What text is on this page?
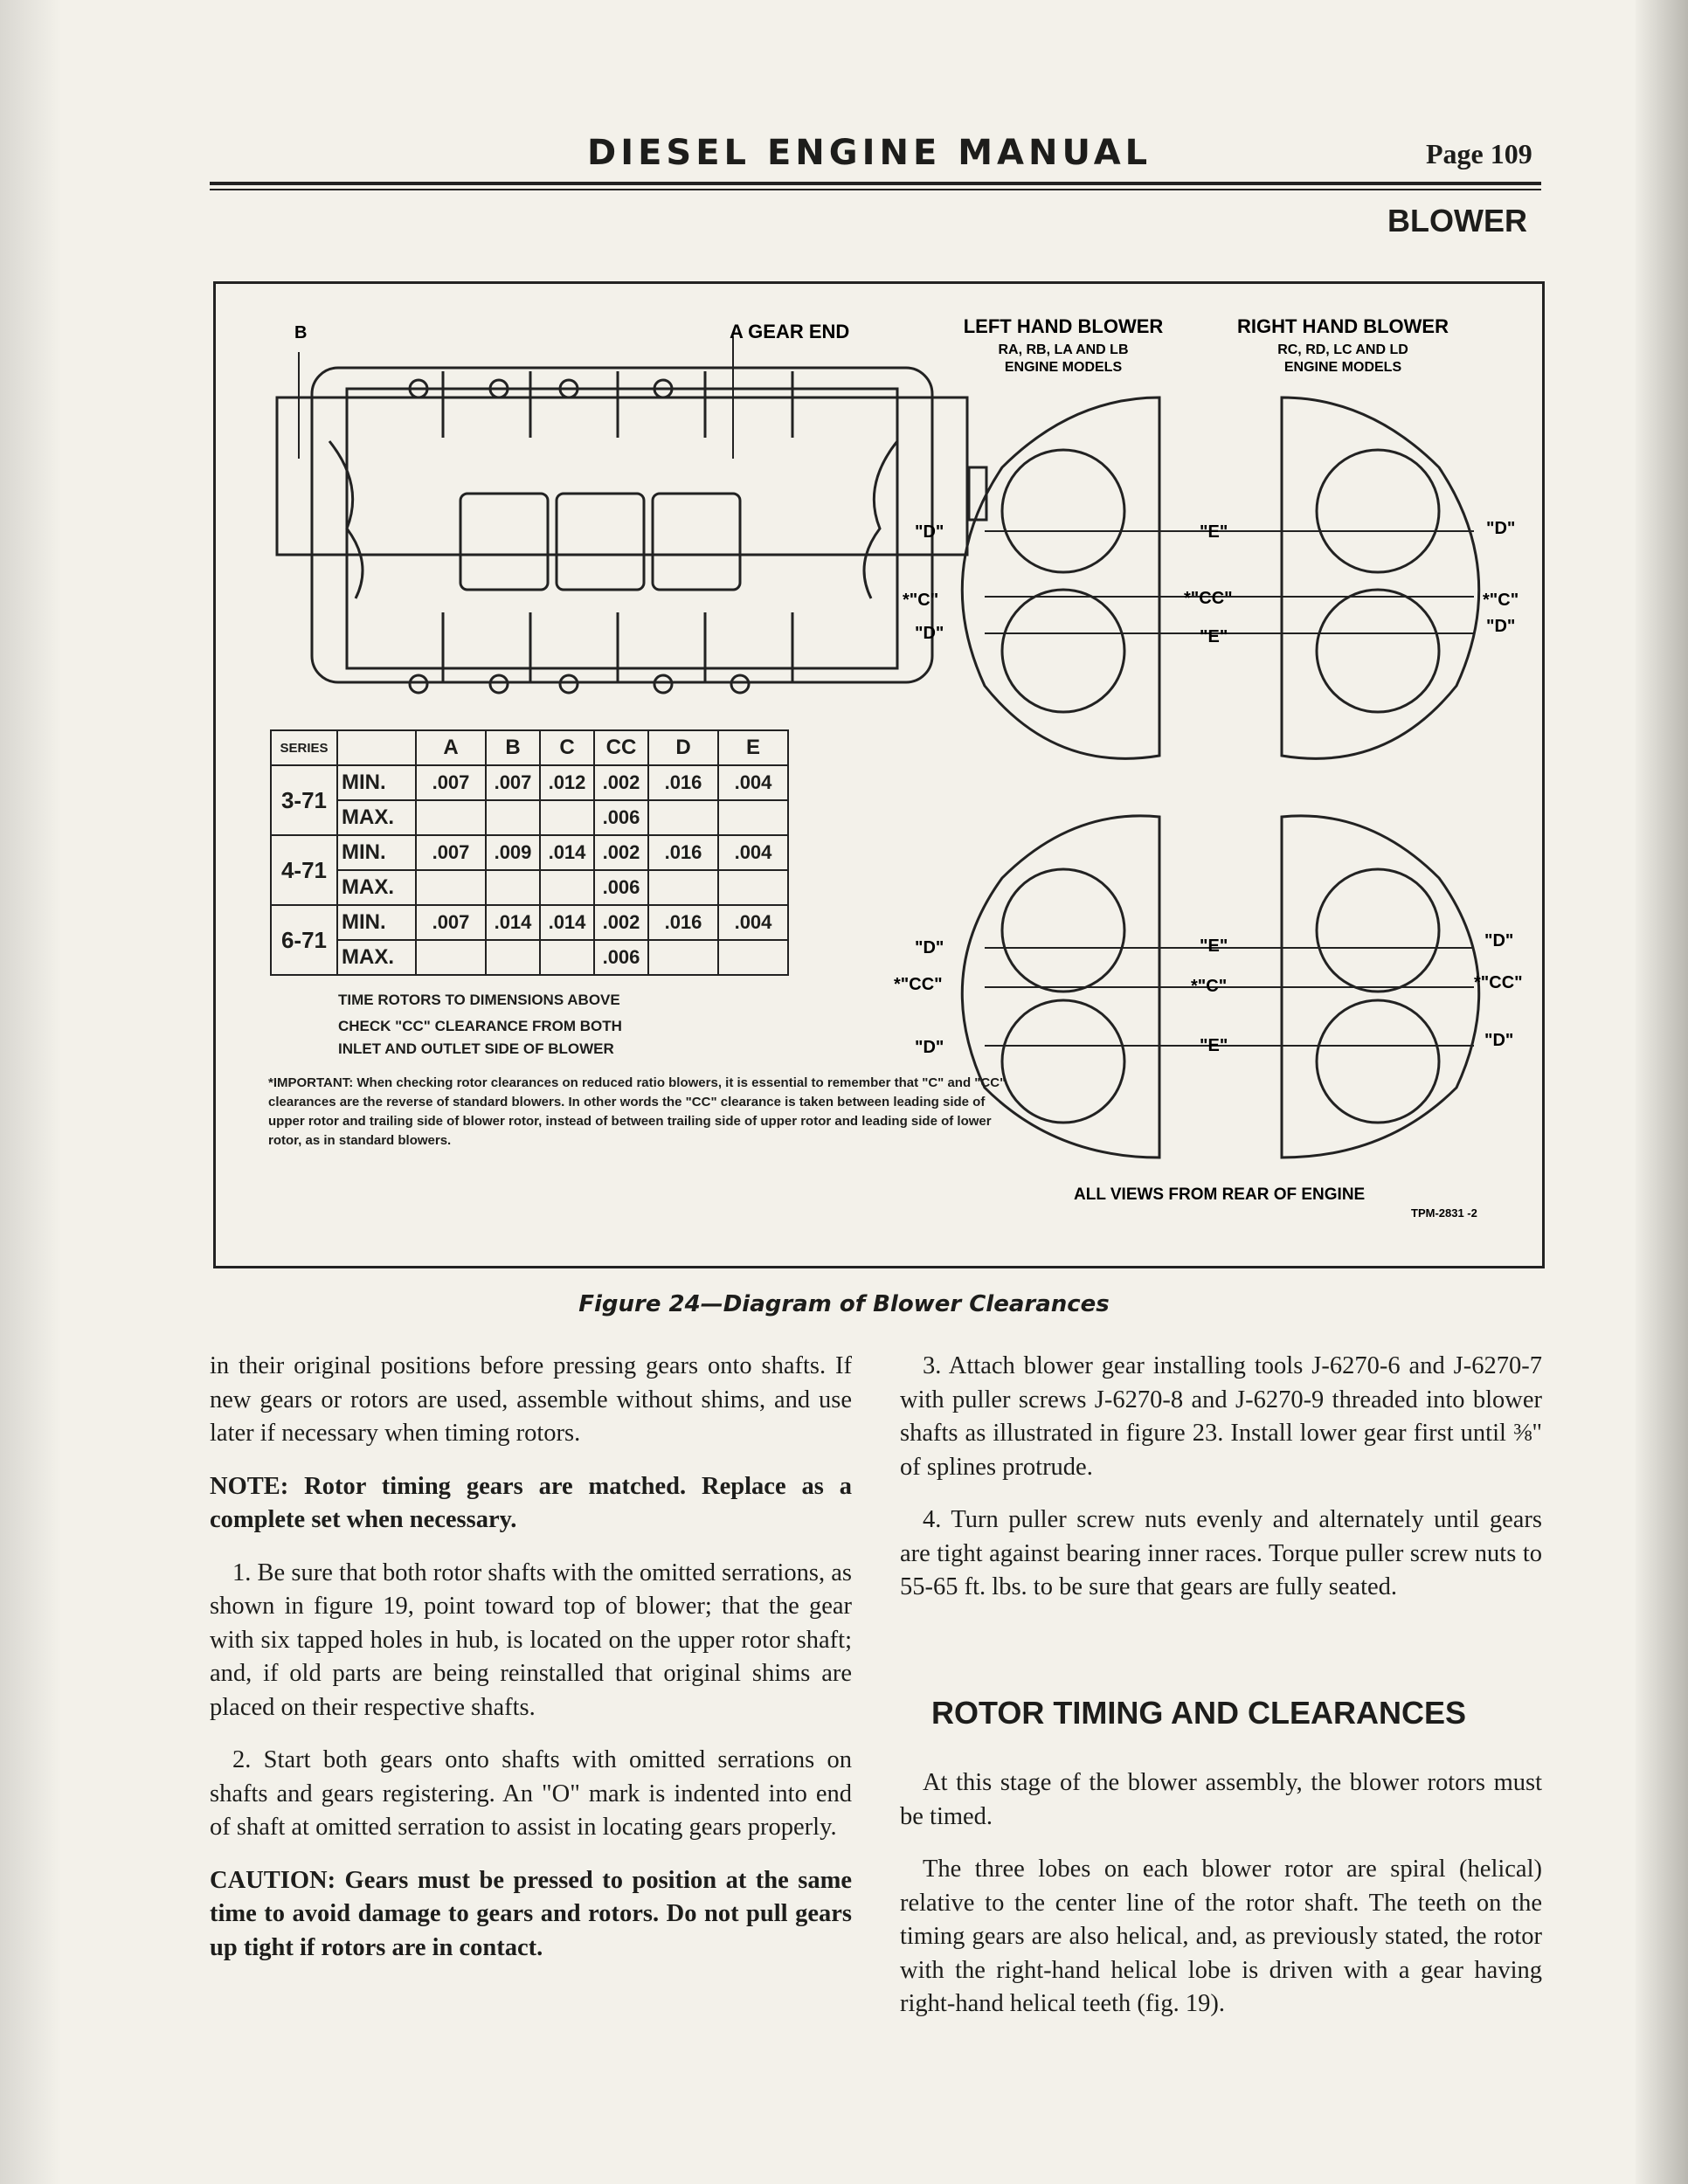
DIESEL ENGINE MANUAL	Page 109
BLOWER
B	A GEAR END	LEFT HAND BLOWER
RA, RB, LA AND LB
ENGINE MODELS
RIGHT HAND BLOWER
RC, RD, LC AND LD
ENGINE MODELS
"D"
*"C"
"D"
"E"
*"CC"
"E"
"D"
*"C"
"D"
"D"
*"CC"
"D"
"E"
*"C"
"E"
"D"
*"CC"
"D"
ALL VIEWS FROM REAR OF ENGINE
TPM-2831 -2
SERIES		A	B	C	CC	D	E
3-71	MIN.	.007	.007	.012	.002	.016	.004
	MAX.				.006		
4-71	MIN.	.007	.009	.014	.002	.016	.004
	MAX.				.006		
6-71	MIN.	.007	.014	.014	.002	.016	.004
	MAX.				.006		
TIME ROTORS TO DIMENSIONS ABOVE
CHECK "CC" CLEARANCE FROM BOTH
INLET AND OUTLET SIDE OF BLOWER
*IMPORTANT: When checking rotor clearances on reduced ratio blowers, it is essential to remember that "C" and "CC" clearances are the reverse of standard blowers. In other words the "CC" clearance is taken between leading side of upper rotor and trailing side of blower rotor, instead of between trailing side of upper rotor and leading side of lower rotor, as in standard blowers.
Figure 24—Diagram of Blower Clearances

in their original positions before pressing gears onto shafts. If new gears or rotors are used, assemble without shims, and use later if necessary when timing rotors.

NOTE: Rotor timing gears are matched. Replace as a complete set when necessary.

1. Be sure that both rotor shafts with the omitted serrations, as shown in figure 19, point toward top of blower; that the gear with six tapped holes in hub, is located on the upper rotor shaft; and, if old parts are being reinstalled that original shims are placed on their respective shafts.

2. Start both gears onto shafts with omitted serrations on shafts and gears registering. An "O" mark is indented into end of shaft at omitted serration to assist in locating gears properly.

CAUTION: Gears must be pressed to position at the same time to avoid damage to gears and rotors. Do not pull gears up tight if rotors are in contact.

3. Attach blower gear installing tools J-6270-6 and J-6270-7 with puller screws J-6270-8 and J-6270-9 threaded into blower shafts as illustrated in figure 23. Install lower gear first until ⅜" of splines protrude.

4. Turn puller screw nuts evenly and alternately until gears are tight against bearing inner races. Torque puller screw nuts to 55-65 ft. lbs. to be sure that gears are fully seated.

ROTOR TIMING AND CLEARANCES

At this stage of the blower assembly, the blower rotors must be timed.

The three lobes on each blower rotor are spiral (helical) relative to the center line of the rotor shaft. The teeth on the timing gears are also helical, and, as previously stated, the rotor with the right-hand helical lobe is driven with a gear having right-hand helical teeth (fig. 19).
